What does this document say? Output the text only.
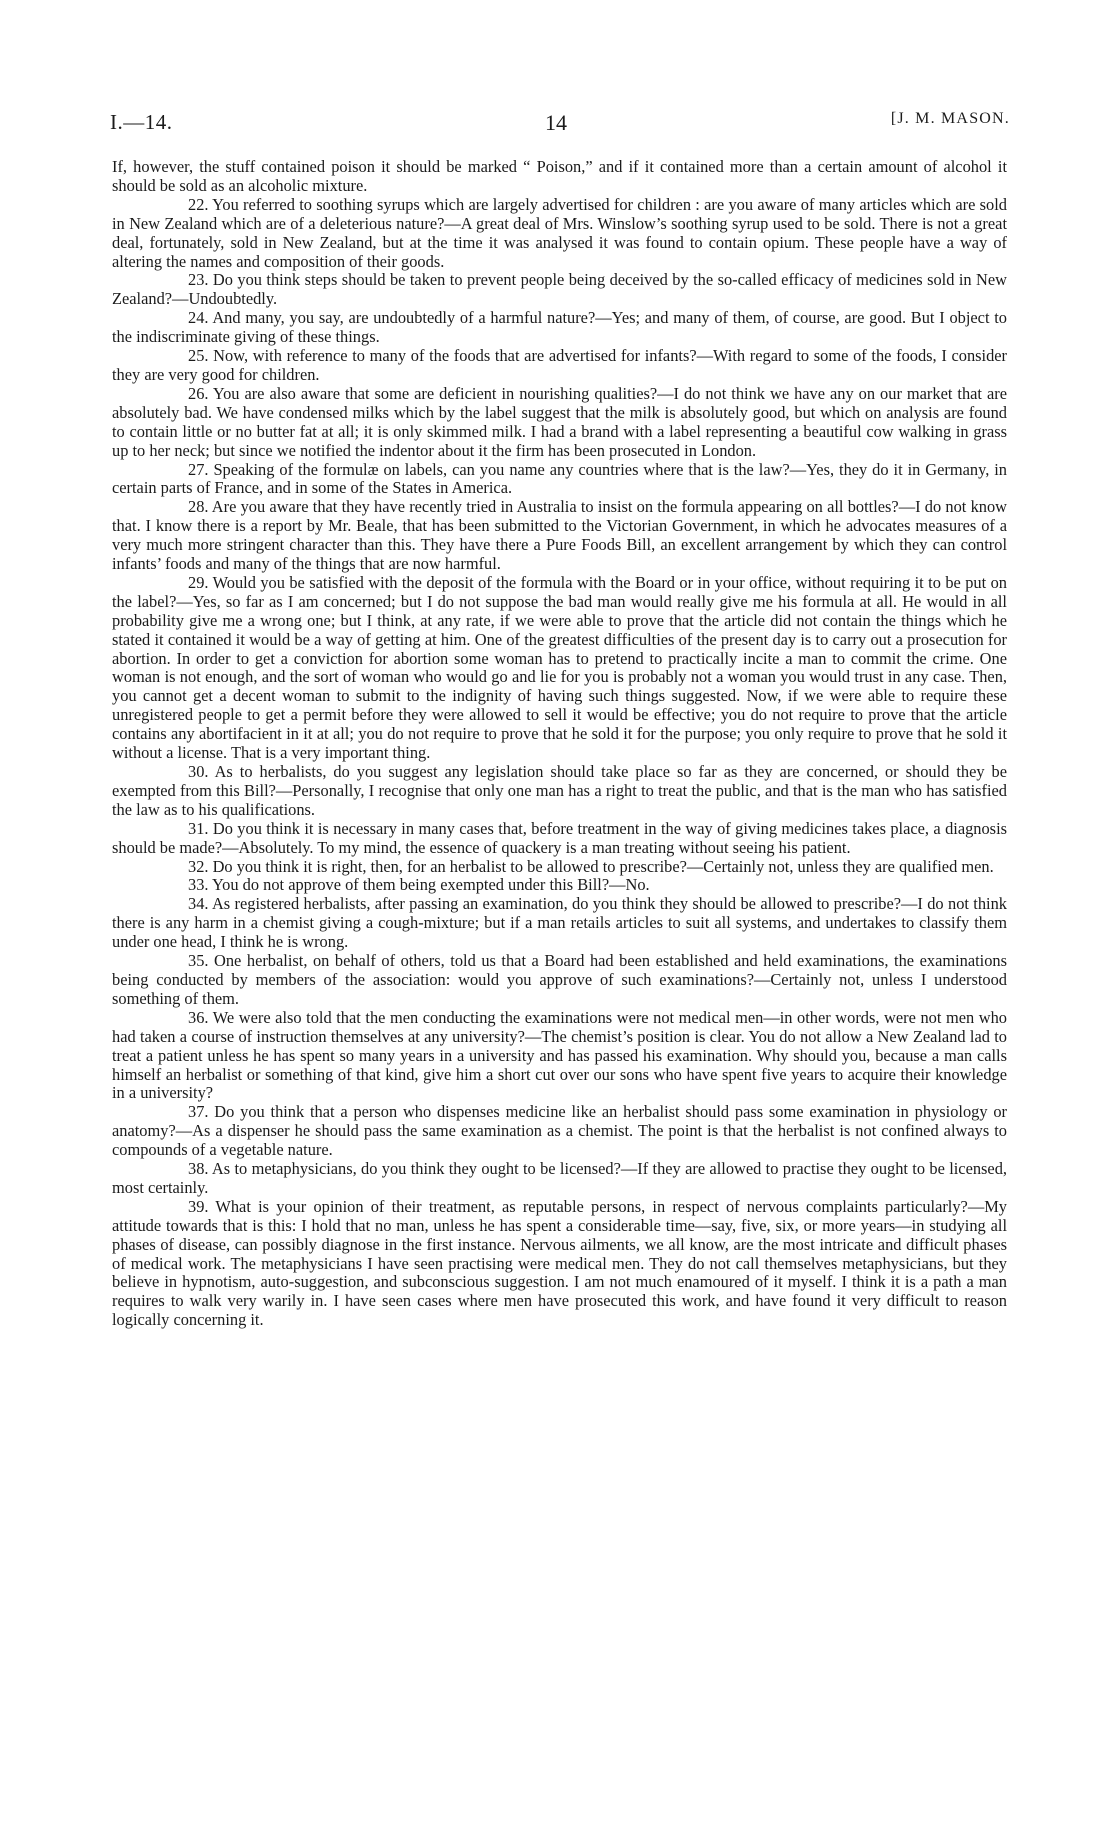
I.—14.	14	[J. M. MASON.

If, however, the stuff contained poison it should be marked “ Poison,” and if it contained more than a certain amount of alcohol it should be sold as an alcoholic mixture.

22. You referred to soothing syrups which are largely advertised for children : are you aware of many articles which are sold in New Zealand which are of a deleterious nature?—A great deal of Mrs. Winslow’s soothing syrup used to be sold. There is not a great deal, fortunately, sold in New Zealand, but at the time it was analysed it was found to contain opium. These people have a way of altering the names and composition of their goods.

23. Do you think steps should be taken to prevent people being deceived by the so-called efficacy of medicines sold in New Zealand?—Undoubtedly.

24. And many, you say, are undoubtedly of a harmful nature?—Yes; and many of them, of course, are good. But I object to the indiscriminate giving of these things.

25. Now, with reference to many of the foods that are advertised for infants?—With regard to some of the foods, I consider they are very good for children.

26. You are also aware that some are deficient in nourishing qualities?—I do not think we have any on our market that are absolutely bad. We have condensed milks which by the label suggest that the milk is absolutely good, but which on analysis are found to contain little or no butter fat at all; it is only skimmed milk. I had a brand with a label representing a beautiful cow walking in grass up to her neck; but since we notified the indentor about it the firm has been prosecuted in London.

27. Speaking of the formulæ on labels, can you name any countries where that is the law?—Yes, they do it in Germany, in certain parts of France, and in some of the States in America.

28. Are you aware that they have recently tried in Australia to insist on the formula appearing on all bottles?—I do not know that. I know there is a report by Mr. Beale, that has been submitted to the Victorian Government, in which he advocates measures of a very much more stringent character than this. They have there a Pure Foods Bill, an excellent arrangement by which they can control infants’ foods and many of the things that are now harmful.

29. Would you be satisfied with the deposit of the formula with the Board or in your office, without requiring it to be put on the label?—Yes, so far as I am concerned; but I do not suppose the bad man would really give me his formula at all. He would in all probability give me a wrong one; but I think, at any rate, if we were able to prove that the article did not contain the things which he stated it contained it would be a way of getting at him. One of the greatest difficulties of the present day is to carry out a prosecution for abortion. In order to get a conviction for abortion some woman has to pretend to practically incite a man to commit the crime. One woman is not enough, and the sort of woman who would go and lie for you is probably not a woman you would trust in any case. Then, you cannot get a decent woman to submit to the indignity of having such things suggested. Now, if we were able to require these unregistered people to get a permit before they were allowed to sell it would be effective; you do not require to prove that the article contains any abortifacient in it at all; you do not require to prove that he sold it for the purpose; you only require to prove that he sold it without a license. That is a very important thing.

30. As to herbalists, do you suggest any legislation should take place so far as they are concerned, or should they be exempted from this Bill?—Personally, I recognise that only one man has a right to treat the public, and that is the man who has satisfied the law as to his qualifications.

31. Do you think it is necessary in many cases that, before treatment in the way of giving medicines takes place, a diagnosis should be made?—Absolutely. To my mind, the essence of quackery is a man treating without seeing his patient.

32. Do you think it is right, then, for an herbalist to be allowed to prescribe?—Certainly not, unless they are qualified men.

33. You do not approve of them being exempted under this Bill?—No.

34. As registered herbalists, after passing an examination, do you think they should be allowed to prescribe?—I do not think there is any harm in a chemist giving a cough-mixture; but if a man retails articles to suit all systems, and undertakes to classify them under one head, I think he is wrong.

35. One herbalist, on behalf of others, told us that a Board had been established and held examinations, the examinations being conducted by members of the association: would you approve of such examinations?—Certainly not, unless I understood something of them.

36. We were also told that the men conducting the examinations were not medical men—in other words, were not men who had taken a course of instruction themselves at any university?—The chemist’s position is clear. You do not allow a New Zealand lad to treat a patient unless he has spent so many years in a university and has passed his examination. Why should you, because a man calls himself an herbalist or something of that kind, give him a short cut over our sons who have spent five years to acquire their knowledge in a university?

37. Do you think that a person who dispenses medicine like an herbalist should pass some examination in physiology or anatomy?—As a dispenser he should pass the same examination as a chemist. The point is that the herbalist is not confined always to compounds of a vegetable nature.

38. As to metaphysicians, do you think they ought to be licensed?—If they are allowed to practise they ought to be licensed, most certainly.

39. What is your opinion of their treatment, as reputable persons, in respect of nervous complaints particularly?—My attitude towards that is this: I hold that no man, unless he has spent a considerable time—say, five, six, or more years—in studying all phases of disease, can possibly diagnose in the first instance. Nervous ailments, we all know, are the most intricate and difficult phases of medical work. The metaphysicians I have seen practising were medical men. They do not call themselves metaphysicians, but they believe in hypnotism, auto-suggestion, and subconscious suggestion. I am not much enamoured of it myself. I think it is a path a man requires to walk very warily in. I have seen cases where men have prosecuted this work, and have found it very difficult to reason logically concerning it.
